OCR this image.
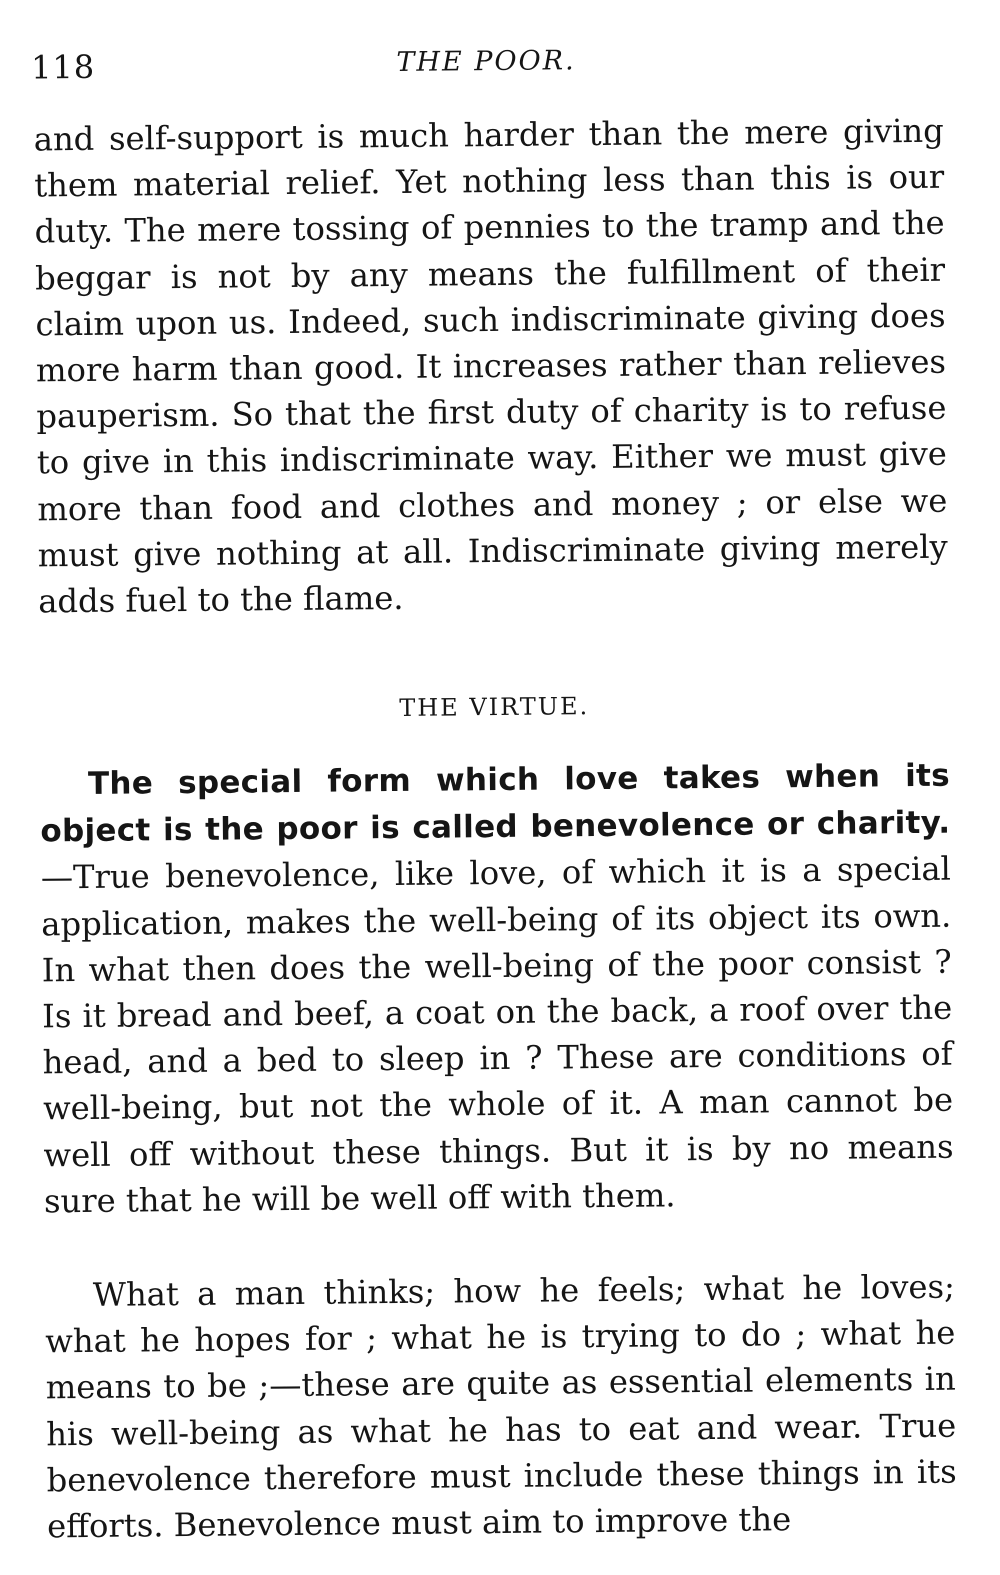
118	THE POOR.

and self-support is much harder than the mere giving them material relief. Yet nothing less than this is our duty. The mere tossing of pennies to the tramp and the beggar is not by any means the fulfillment of their claim upon us. Indeed, such indiscriminate giving does more harm than good. It increases rather than relieves pauperism. So that the first duty of charity is to refuse to give in this indiscriminate way. Either we must give more than food and clothes and money ; or else we must give nothing at all. Indiscriminate giving merely adds fuel to the flame.

THE VIRTUE.

The special form which love takes when its object is the poor is called benevolence or charity.—True benevolence, like love, of which it is a special application, makes the well-being of its object its own. In what then does the well-being of the poor consist ? Is it bread and beef, a coat on the back, a roof over the head, and a bed to sleep in ? These are conditions of well-being, but not the whole of it. A man cannot be well off without these things. But it is by no means sure that he will be well off with them.

What a man thinks; how he feels; what he loves; what he hopes for ; what he is trying to do ; what he means to be ;—these are quite as essential elements in his well-being as what he has to eat and wear. True benevolence therefore must include these things in its efforts. Benevolence must aim to improve the
